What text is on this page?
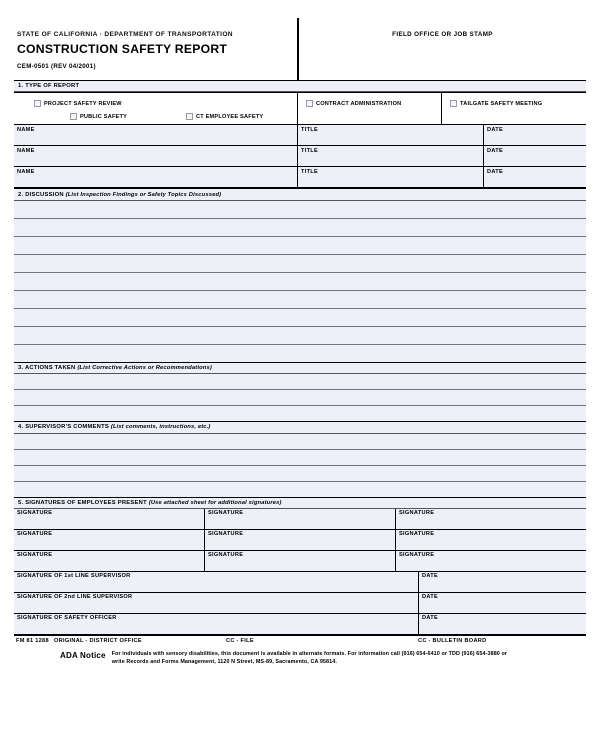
STATE OF CALIFORNIA · DEPARTMENT OF TRANSPORTATION
CONSTRUCTION SAFETY REPORT
CEM-0501 (REV 04/2001)
FIELD OFFICE OR JOB STAMP
1. TYPE OF REPORT
PROJECT SAFETY REVIEW
PUBLIC SAFETY	CT EMPLOYEE SAFETY
CONTRACT ADMINISTRATION	TAILGATE SAFETY MEETING
NAME	TITLE	DATE
NAME	TITLE	DATE
NAME	TITLE	DATE
2. DISCUSSION (List Inspection Findings or Safety Topics Discussed)
3. ACTIONS TAKEN (List Corrective Actions or Recommendations)
4. SUPERVISOR'S COMMENTS (List comments, instructions, etc.)
5. SIGNATURES OF EMPLOYEES PRESENT (Use attached sheet for additional signatures)
SIGNATURE	SIGNATURE	SIGNATURE
SIGNATURE	SIGNATURE	SIGNATURE
SIGNATURE	SIGNATURE	SIGNATURE
SIGNATURE OF 1st LINE SUPERVISOR	DATE
SIGNATURE OF 2nd LINE SUPERVISOR	DATE
SIGNATURE OF SAFETY OFFICER	DATE
FM 81 1288 ORIGINAL - DISTRICT OFFICE	CC - FILE	CC - BULLETIN BOARD
ADA Notice	For individuals with sensory disabilities, this document is available in alternate formats. For information call (916) 654-6410 or TDD (916) 654-3880 or write Records and Forms Management, 1120 N Street, MS-89, Sacramento, CA 95814.
